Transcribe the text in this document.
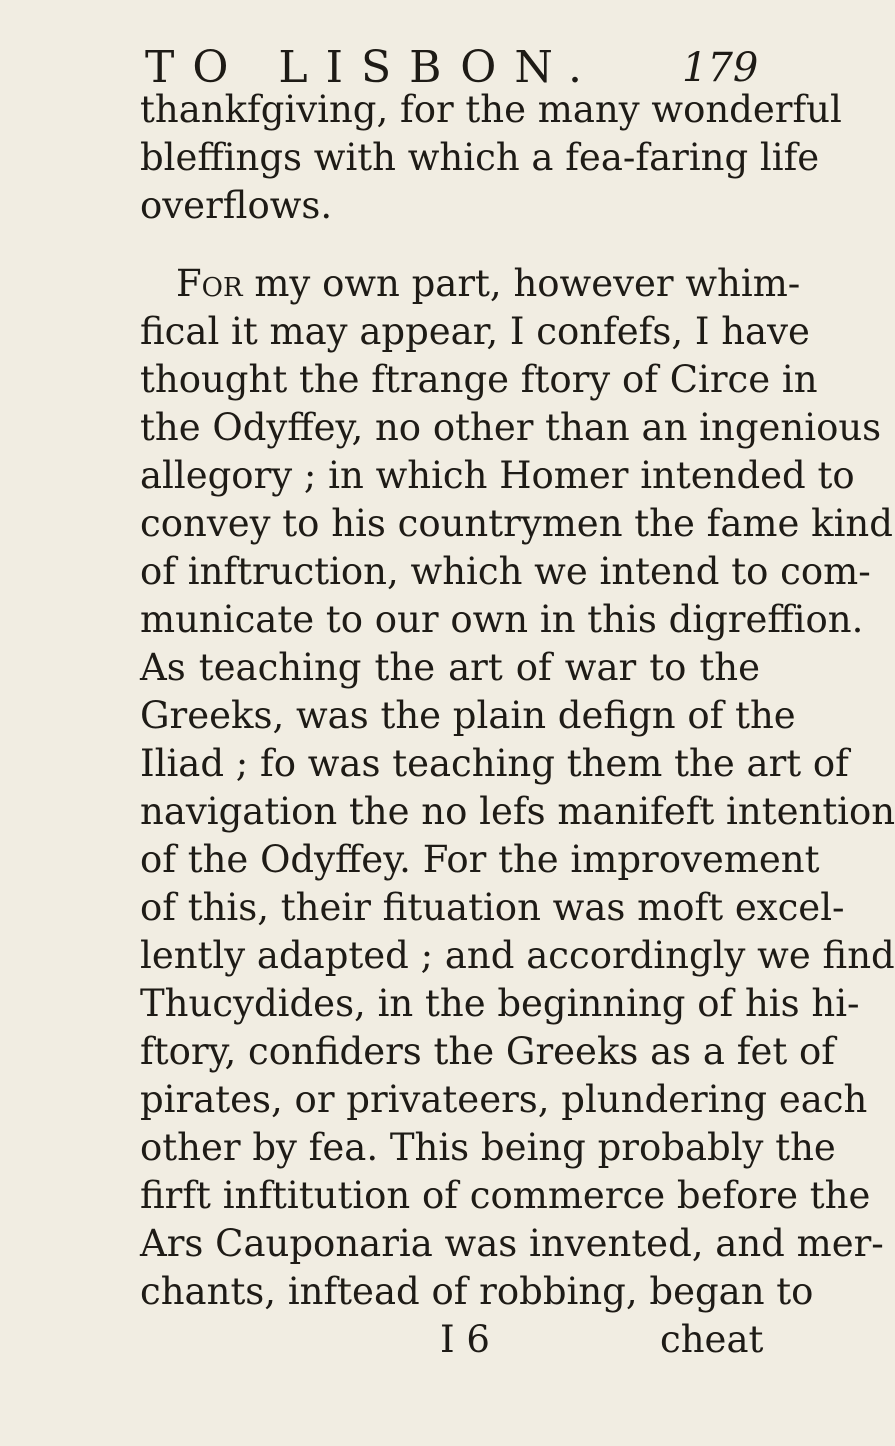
TO LISBON. 179
thankfgiving, for the many wonderful
bleffings with which a fea-faring life
overflows.
For my own part, however whim-
fical it may appear, I confefs, I have
thought the ftrange ftory of Circe in
the Odyffey, no other than an ingenious
allegory ; in which Homer intended to
convey to his countrymen the fame kind
of inftruction, which we intend to com-
municate to our own in this digreffion.
As teaching the art of war to the
Greeks, was the plain defign of the
Iliad ; fo was teaching them the art of
navigation the no lefs manifeft intention
of the Odyffey. For the improvement
of this, their fituation was moft excel-
lently adapted ; and accordingly we find
Thucydides, in the beginning of his hi-
ftory, confiders the Greeks as a fet of
pirates, or privateers, plundering each
other by fea. This being probably the
firft inftitution of commerce before the
Ars Cauponaria was invented, and mer-
chants, inftead of robbing, began to
I 6	cheat
